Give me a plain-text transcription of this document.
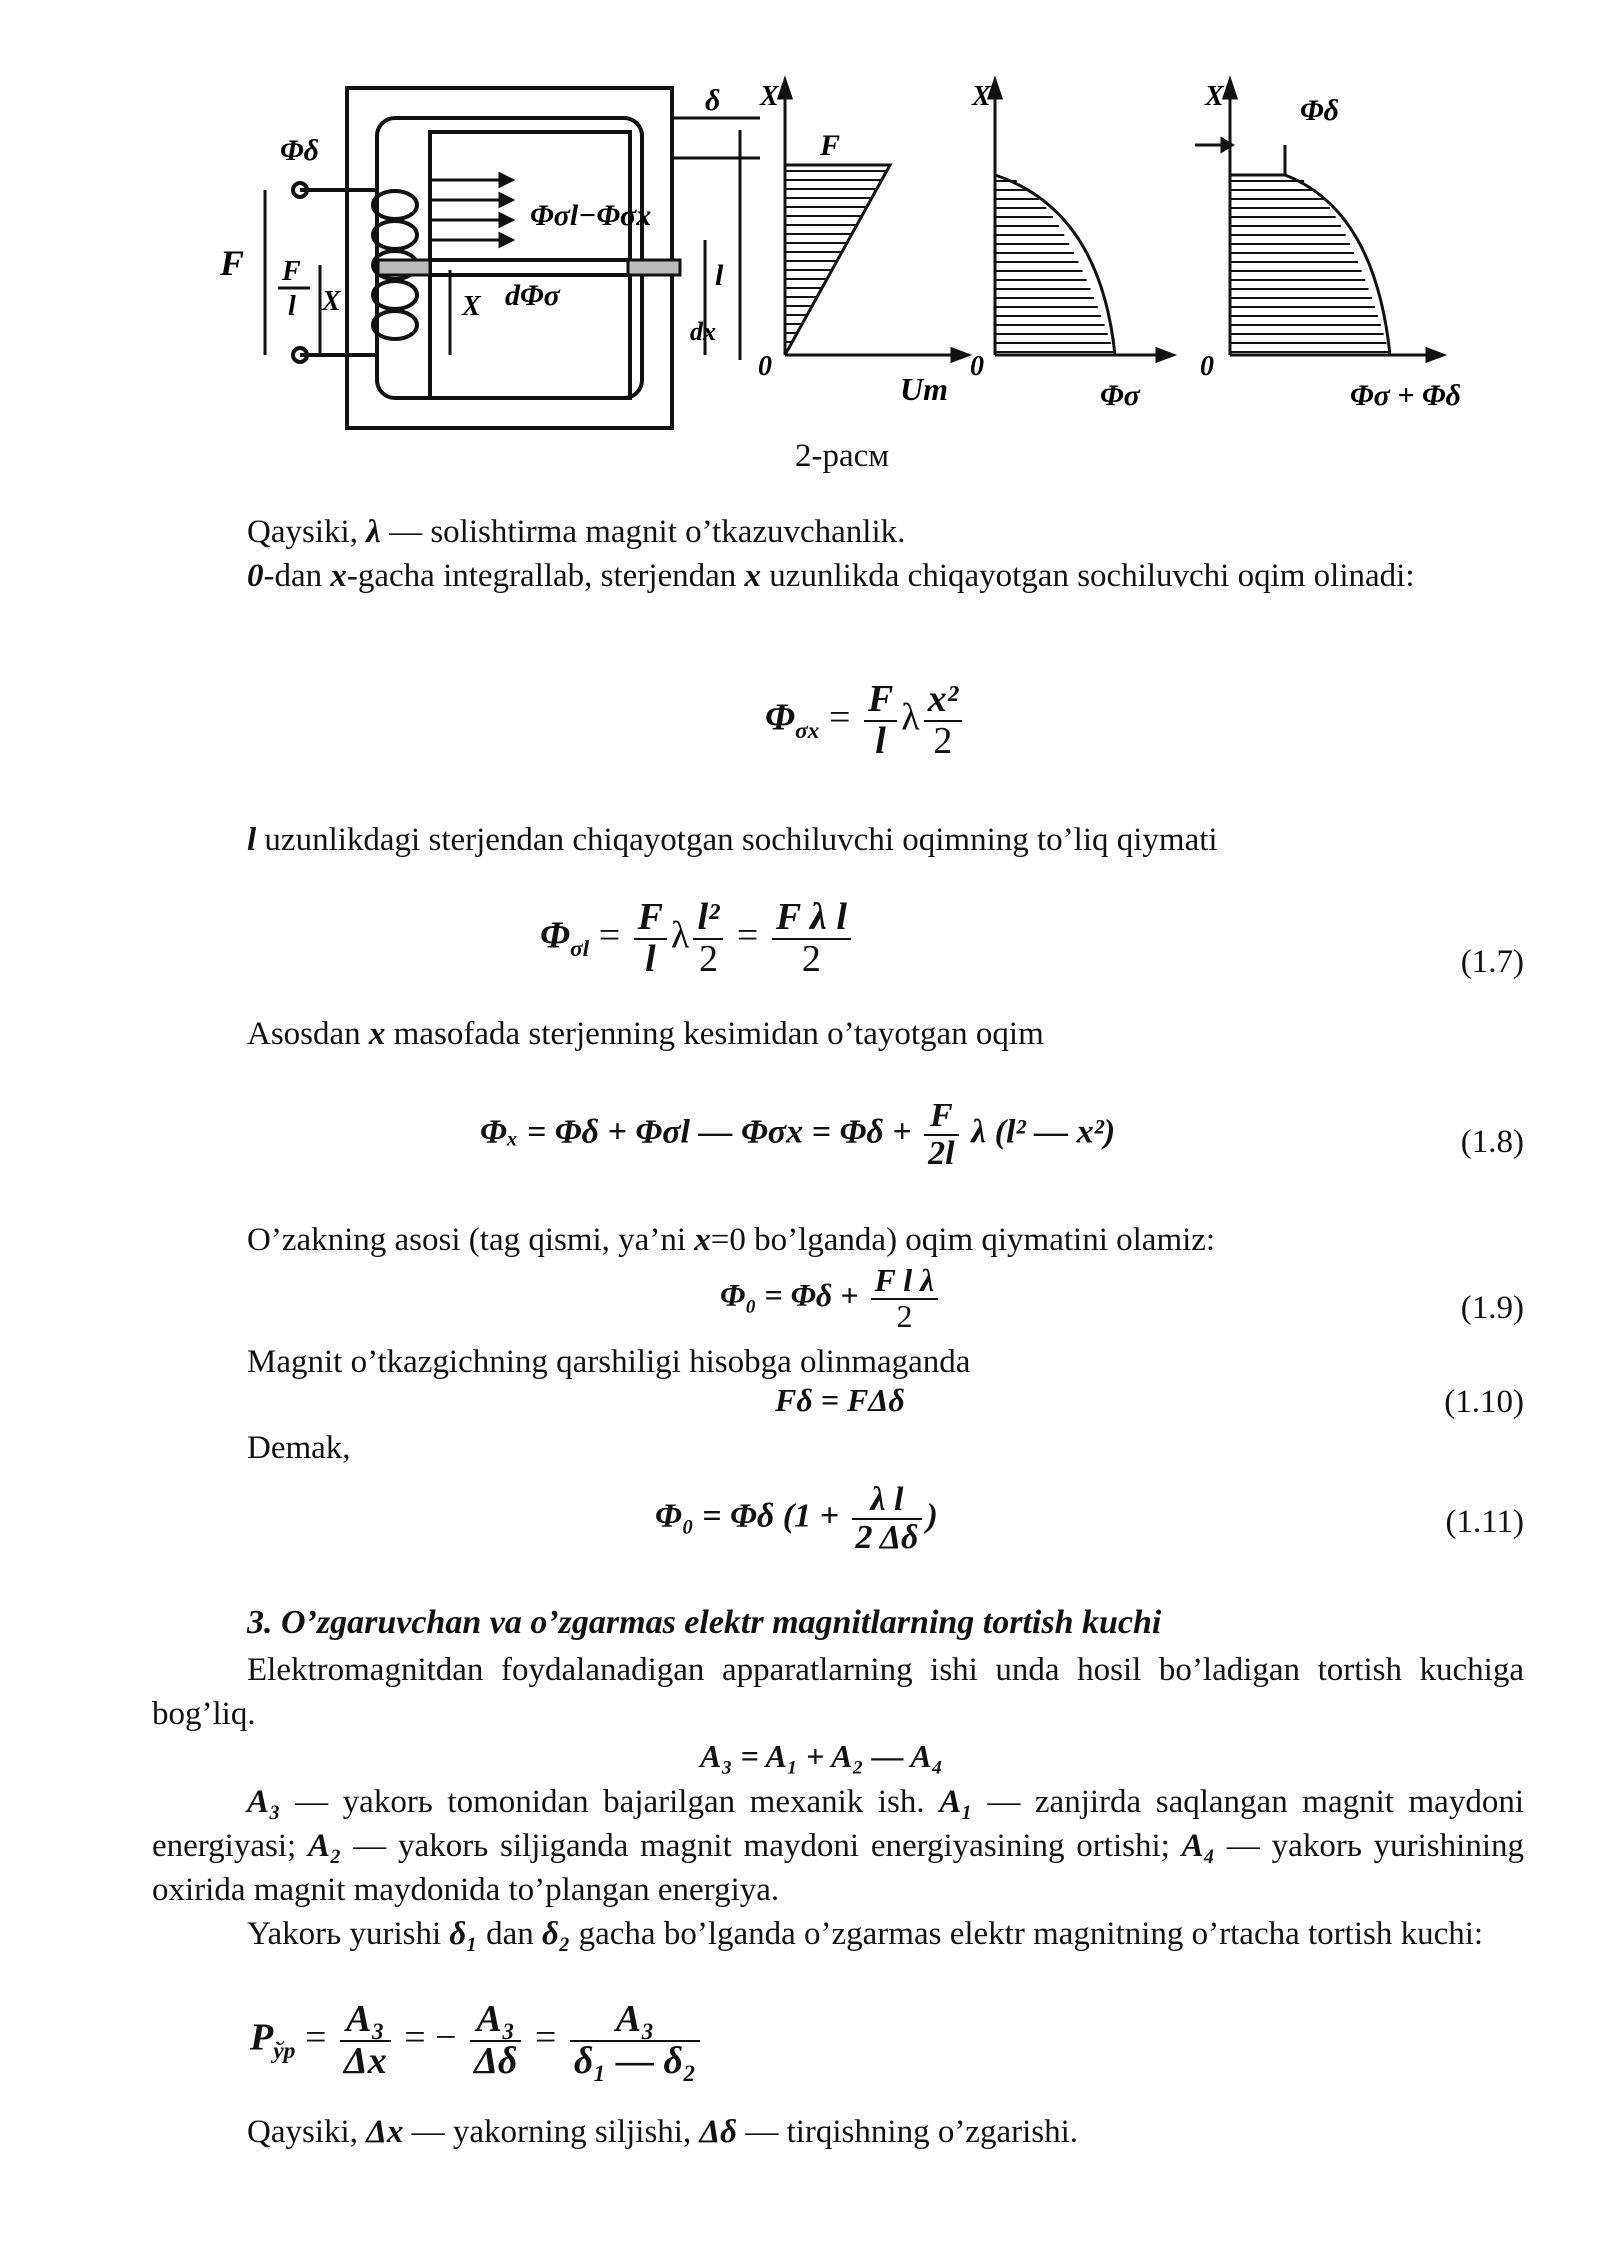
Φδ
F F
l X	X
Φσl−Φσx
dΦσ
δ
l
dx
X
F
0
Um
X
0
Φσ
X	Φδ
0
Φσ + Φδ
2-расм
Qaysiki, λ — solishtirma magnit o’tkazuvchanlik.
0-dan x-gacha integrallab, sterjendan x uzunlikda chiqayotgan sochiluvchi oqim olinadi:
$\Phi_{\sigma x} = \frac{F}{l}$ λ $\frac{\text{x²}}{2}$
l uzunlikdagi sterjendan chiqayotgan sochiluvchi oqimning to’liq qiymati
$\Phi_{\sigma l} = \frac{F}{l}$ λ $\frac{\text{l²}}{2} = \frac{\text{F λ l}}{2}$	(1.7)
Asosdan x masofada sterjenning kesimidan o’tayotgan oqim
Φₓ = Φδ + Φσl — $\Phi\sigma x = \Phi\delta + \frac{F}{2l}$ λ (l² — x²)	(1.8)
O’zakning asosi (tag qismi, ya’ni x=0 bo’lganda) oqim qiymatini olamiz:
$\Phi_0 = \Phi\delta + \frac{\text{F l λ}}{2}$	(1.9)
Magnit o’tkazgichning qarshiligi hisobga olinmaganda
Fδ = FΔδ	(1.10)
Demak,
Φ₀ = Φδ ($1 + \frac{\text{λ l}}{2 \Delta\delta}$ )	(1.11)
3. O’zgaruvchan va o’zgarmas elektr magnitlarning tortish kuchi
Elektromagnitdan foydalanadigan apparatlarning ishi unda hosil bo’ladigan tortish kuchiga bog’liq.
A₃ = A₁ + A₂ — A₄
A₃ — yakorь tomonidan bajarilgan mexanik ish. A₁ — zanjirda saqlangan magnit maydoni energiyasi; A₂ — yakorь siljiganda magnit maydoni energiyasining ortishi; A₄ — yakorь yurishining oxirida magnit maydonida to’plangan energiya.
Yakorь yurishi δ₁ dan δ₂ gacha bo’lganda o’zgarmas elektr magnitning o’rtacha tortish kuchi:
$P_{ўр} = \frac{\text{A₃}}{\Delta x}$ = − $\frac{\text{A₃}}{\Delta\delta} = \frac{\text{A₃}}{\text{δ₁ — δ₂}}$
Qaysiki, Δx — yakorning siljishi, Δδ — tirqishning o’zgarishi.
